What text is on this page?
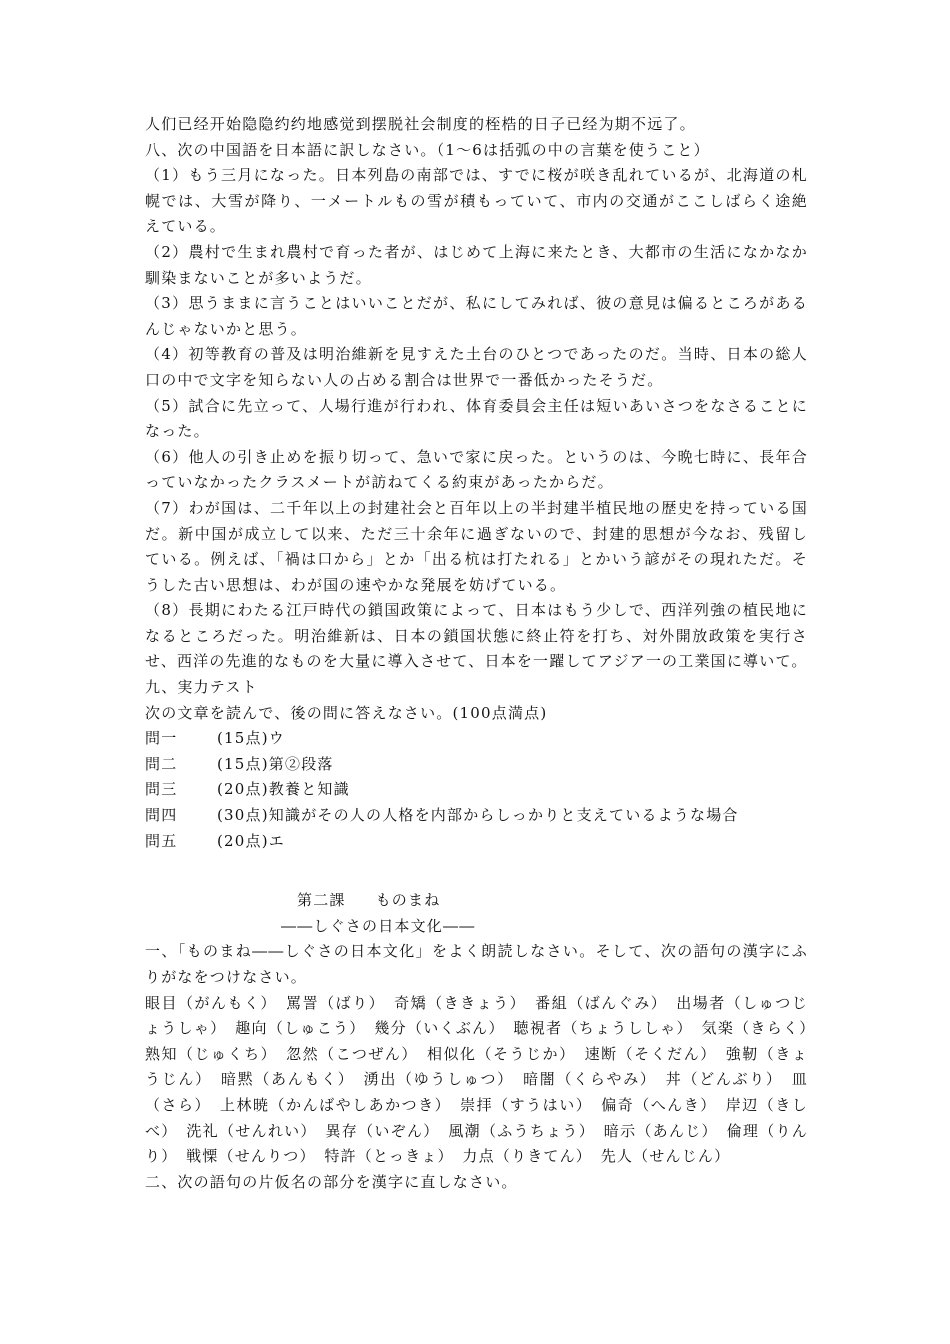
人们已经开始隐隐约约地感觉到摆脱社会制度的桎梏的日子已经为期不远了。

八、次の中国語を日本語に訳しなさい。（1～6は括弧の中の言葉を使うこと）

（1）もう三月になった。日本列島の南部では、すでに桜が咲き乱れているが、北海道の札幌では、大雪が降り、一メートルもの雪が積もっていて、市内の交通がここしばらく途絶えている。

（2）農村で生まれ農村で育った者が、はじめて上海に来たとき、大都市の生活になかなか馴染まないことが多いようだ。

（3）思うままに言うことはいいことだが、私にしてみれば、彼の意見は偏るところがあるんじゃないかと思う。

（4）初等教育の普及は明治維新を見すえた土台のひとつであったのだ。当時、日本の総人口の中で文字を知らない人の占める割合は世界で一番低かったそうだ。

（5）試合に先立って、人場行進が行われ、体育委員会主任は短いあいさつをなさることになった。

（6）他人の引き止めを振り切って、急いで家に戻った。というのは、今晩七時に、長年合っていなかったクラスメートが訪ねてくる約束があったからだ。

（7）わが国は、二千年以上の封建社会と百年以上の半封建半植民地の歴史を持っている国だ。新中国が成立して以来、ただ三十余年に過ぎないので、封建的思想が今なお、残留している。例えば、「禍は口から」とか「出る杭は打たれる」とかいう諺がその現れただ。そうした古い思想は、わが国の速やかな発展を妨げている。

（8）長期にわたる江戸時代の鎖国政策によって、日本はもう少しで、西洋列強の植民地になるところだった。明治維新は、日本の鎖国状態に終止符を打ち、対外開放政策を実行させ、西洋の先進的なものを大量に導入させて、日本を一躍してアジア一の工業国に導いて。

九、実力テスト

次の文章を読んで、後の問に答えなさい。(100点満点)

問一	(15点) ウ
問二	(15点) 第②段落
問三	(20点) 教養と知識
問四	(30点) 知識がその人の人格を内部からしっかりと支えているような場合
問五	(20点) エ

第二課 ものまね

――しぐさの日本文化――

一、「ものまね――しぐさの日本文化」をよく朗読しなさい。そして、次の語句の漢字にふりがなをつけなさい。

眼目（がんもく）　罵詈（ばり）　奇矯（ききょう）　番組（ばんぐみ）　出場者（しゅつじょうしゃ）　趣向（しゅこう）　幾分（いくぶん）　聴視者（ちょうししゃ）　気楽（きらく）　熟知（じゅくち）　忽然（こつぜん）　相似化（そうじか）　速断（そくだん）　強靭（きょうじん）　暗黙（あんもく）　湧出（ゆうしゅつ）　暗闇（くらやみ）　丼（どんぶり）　皿（さら）　上林暁（かんばやしあかつき）　崇拝（すうはい）　偏奇（へんき）　岸辺（きしべ）　洗礼（せんれい）　異存（いぞん）　風潮（ふうちょう）　暗示（あんじ）　倫理（りんり）　戦慄（せんりつ）　特許（とっきょ）　力点（りきてん）　先人（せんじん）

二、次の語句の片仮名の部分を漢字に直しなさい。
